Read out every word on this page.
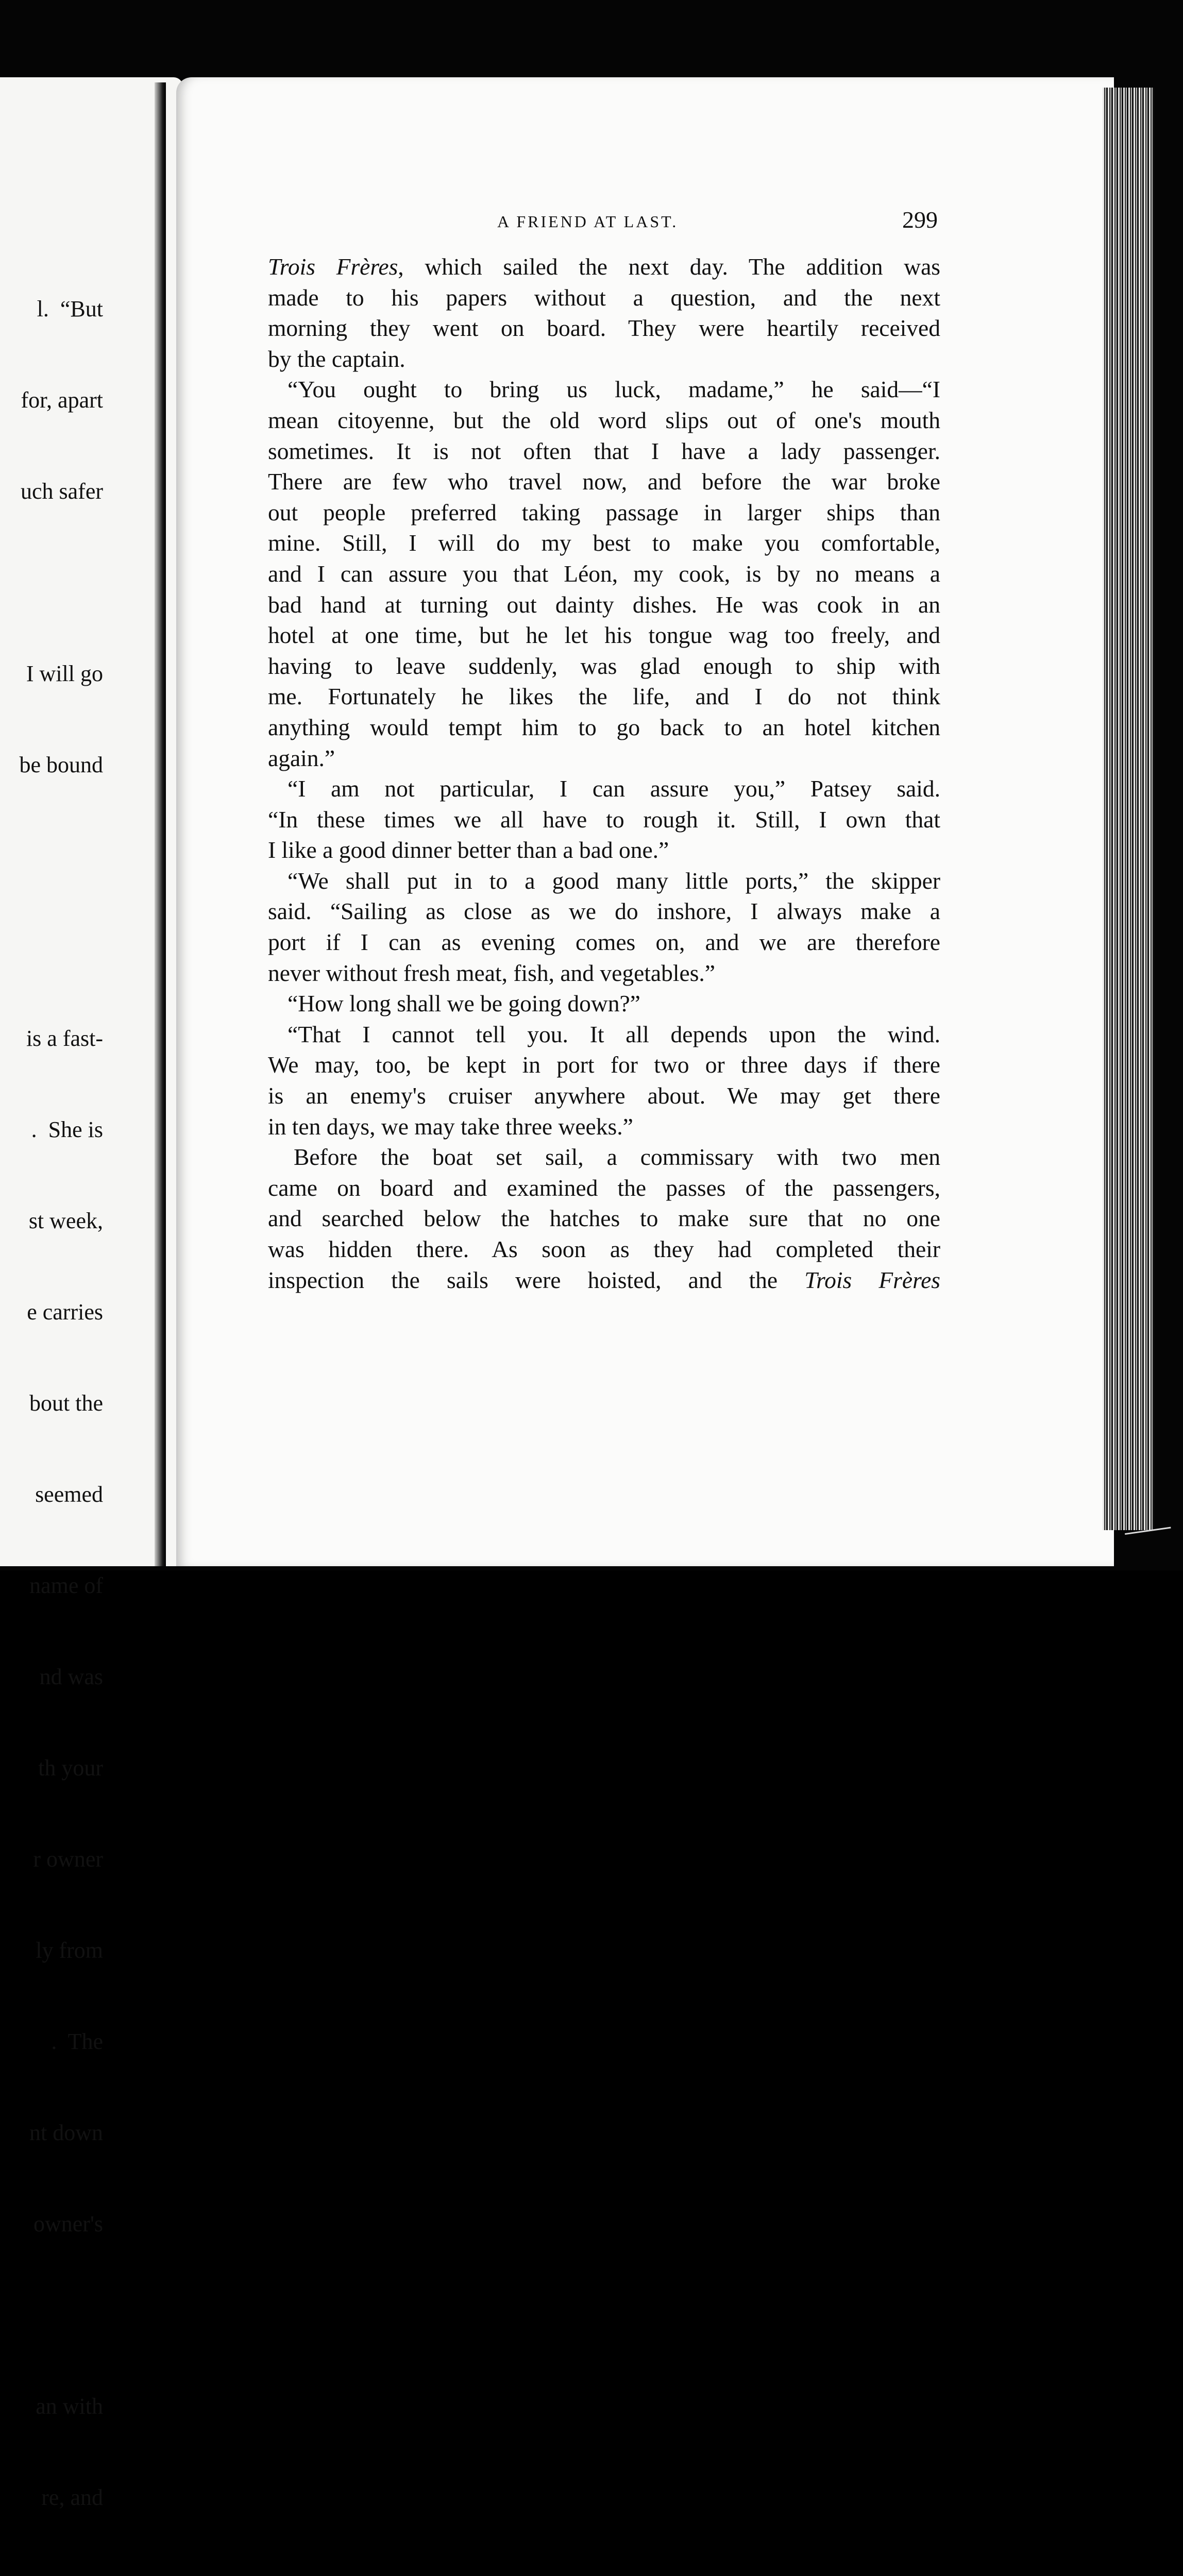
l.  “But

for, apart

uch safer

I will go

be bound

is a fast-

.  She is

st week,

e carries

bout the

seemed

name of

nd was

th your

r owner

ly from

.  The

nt down

owner's

an with

re, and

A FRIEND AT LAST.	299
Trois Frères, which sailed the next day. The addition was
made to his papers without a question, and the next
morning they went on board. They were heartily received
by the captain.
“You ought to bring us luck, madame,” he said—“I
mean citoyenne, but the old word slips out of one's mouth
sometimes. It is not often that I have a lady passenger.
There are few who travel now, and before the war broke
out people preferred taking passage in larger ships than
mine. Still, I will do my best to make you comfortable,
and I can assure you that Léon, my cook, is by no means a
bad hand at turning out dainty dishes. He was cook in an
hotel at one time, but he let his tongue wag too freely, and
having to leave suddenly, was glad enough to ship with
me. Fortunately he likes the life, and I do not think
anything would tempt him to go back to an hotel kitchen
again.”
“I am not particular, I can assure you,” Patsey said.
“In these times we all have to rough it. Still, I own that
I like a good dinner better than a bad one.”
“We shall put in to a good many little ports,” the skipper
said. “Sailing as close as we do inshore, I always make a
port if I can as evening comes on, and we are therefore
never without fresh meat, fish, and vegetables.”
“How long shall we be going down?”
“That I cannot tell you. It all depends upon the wind.
We may, too, be kept in port for two or three days if there
is an enemy's cruiser anywhere about. We may get there
in ten days, we may take three weeks.”
Before the boat set sail, a commissary with two men
came on board and examined the passes of the passengers,
and searched below the hatches to make sure that no one
was hidden there. As soon as they had completed their
inspection the sails were hoisted, and the Trois Frères
